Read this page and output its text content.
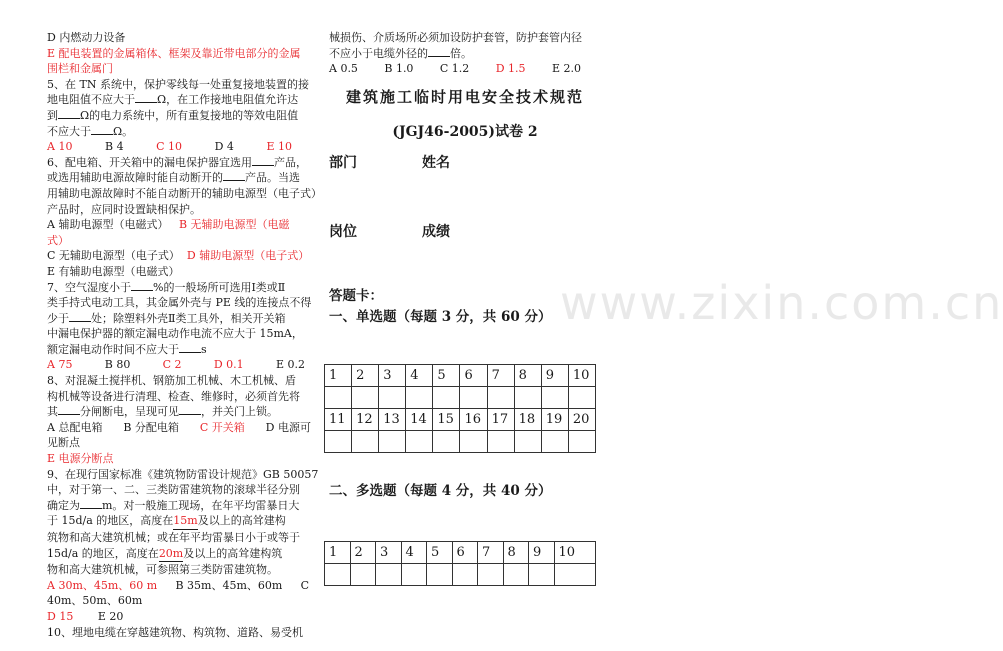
www.zixin.com.cn
D 内燃动力设备
E 配电装置的金属箱体、框架及靠近带电部分的金属
围栏和金属门
5、在 TN 系统中，保护零线每一处重复接地装置的接
地电阻值不应大于 Ω，在工作接地电阻值允许达
到 Ω的电力系统中，所有重复接地的等效电阻值
不应大于 Ω。
A 10	B 4	C 10	D 4	E 10
6、配电箱、开关箱中的漏电保护器宜选用 产品，
或选用辅助电源故障时能自动断开的 产品。当选
用辅助电源故障时不能自动断开的辅助电源型（电子式）
产品时，应同时设置缺相保护。
A 辅助电源型（电磁式） B 无辅助电源型（电磁
式）
C 无辅助电源型（电子式） D 辅助电源型（电子式）
E 有辅助电源型（电磁式）
7、空气湿度小于 %的一般场所可选用Ⅰ类或Ⅱ
类手持式电动工具，其金属外壳与 PE 线的连接点不得
少于 处；除塑料外壳Ⅱ类工具外，相关开关箱
中漏电保护器的额定漏电动作电流不应大于 15mA，
额定漏电动作时间不应大于 s
A 75	B 80	C 2	D 0.1	E 0.2
8、对混凝土搅拌机、钢筋加工机械、木工机械、盾
构机械等设备进行清理、检查、维修时，必须首先将
其 分闸断电，呈现可见 ，并关门上锁。
A 总配电箱 B 分配电箱 C 开关箱 D 电源可
见断点
E 电源分断点
9、在现行国家标准《建筑物防雷设计规范》GB 50057
中，对于第一、二、三类防雷建筑物的滚球半径分别
确定为 m。对一般施工现场，在年平均雷暴日大
于 15d/a 的地区，高度在15m及以上的高耸建构
筑物和高大建筑机械；或在年平均雷暴日小于或等于
15d/a 的地区，高度在20m及以上的高耸建构筑
物和高大建筑机械，可参照第三类防雷建筑物。
A 30m、45m、60 m B 35m、45m、60m C
40m、50m、60m
D 15 E 20
10、埋地电缆在穿越建筑物、构筑物、道路、易受机
械损伤、介质场所必须加设防护套管，防护套管内径
不应小于电缆外径的 倍。
A 0.5 B 1.0 C 1.2 D 1.5 E 2.0
建筑施工临时用电安全技术规范
(JGJ46-2005)试卷 2
部门	姓名
岗位	成绩
答题卡：
一、单选题（每题 3 分，共 60 分）
1	2	3	4	5	6	7	8	9	10

11	12	13	14	15	16	17	18	19	20

二、多选题（每题 4 分，共 40 分）
1	2	3	4	5	6	7	8	9	10
